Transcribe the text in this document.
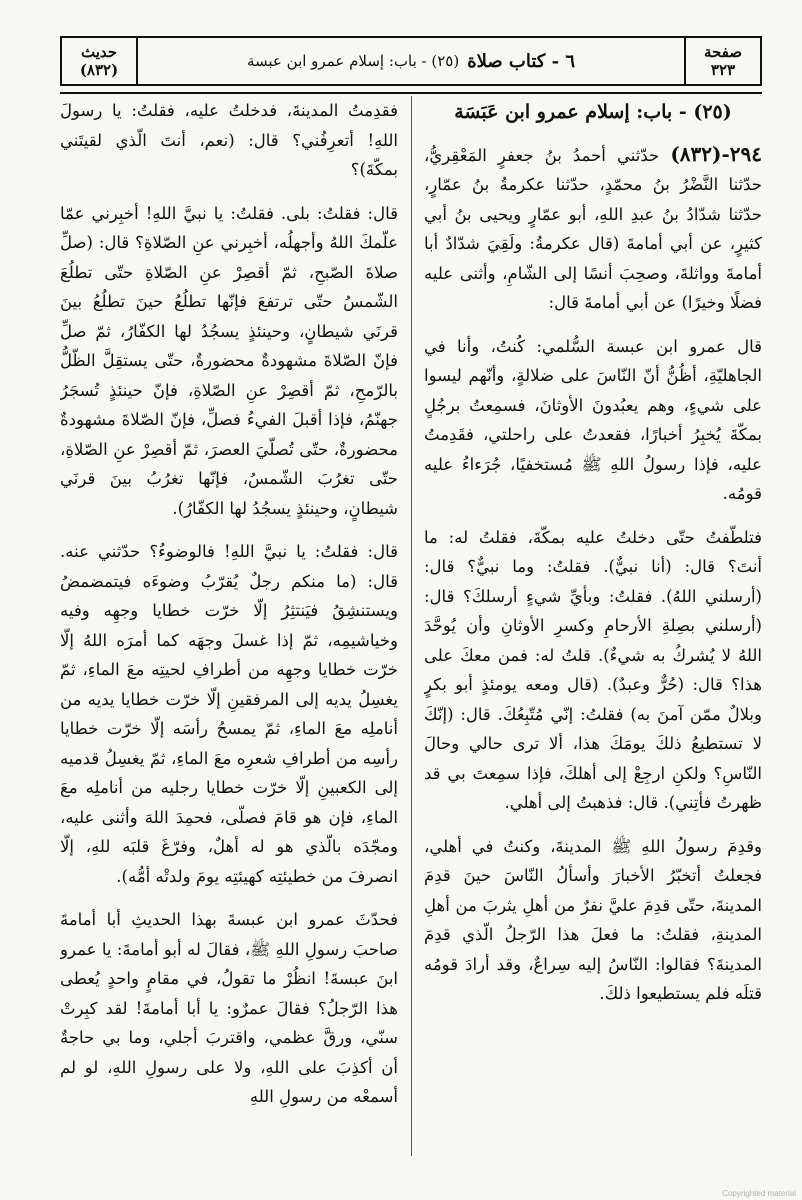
صفحة
٣٢٣
٦ - كتاب صلاة
(٢٥) - باب: إسلام عمرو ابن عبسة
حديث
(٨٣٢)
(٢٥) - باب: إسلام عمرو ابن عَبَسَة

٢٩٤-(٨٣٢) حدّثني أحمدُ بنُ جعفرٍ المَعْقِريُّ، حدّثنا النَّضْرُ بنُ محمّدٍ، حدّثنا عكرمةُ بنُ عمّارٍ، حدّثنا شدّادُ بنُ عبدِ اللهِ، أبو عمّارٍ ويحيى بنُ أبي كثيرٍ، عن أبي أمامةَ (قال عكرمةُ: ولَقِيَ شدّادٌ أبا أمامةَ وواثلةَ، وصحِبَ أنسًا إلى الشّامِ، وأثنى عليه فضلًا وخيرًا) عن أبي أمامةَ قال:

قال عمرو ابن عبسة السُّلمي: كُنتُ، وأنا في الجاهليّةِ، أظُنُّ أنّ النّاسَ على ضلالةٍ، وأنّهم ليسوا على شيءٍ، وهم يعبُدونَ الأوثانَ، فسمِعتُ برجُلٍ بمكّةَ يُخبِرُ أخبارًا، فقعدتُ على راحلتي، فقَدِمتُ عليه، فإذا رسولُ اللهِ ﷺ مُستخفيًا، جُرَءاءُ عليه قومُه.

فتلطّفتُ حتّى دخلتُ عليه بمكّةَ، فقلتُ له: ما أنتَ؟ قال: (أنا نبيٌّ). فقلتُ: وما نبيٌّ؟ قال: (أرسلني اللهُ). فقلتُ: وبأيِّ شيءٍ أرسلكَ؟ قال: (أرسلني بصِلةِ الأرحامِ وكسرِ الأوثانِ وأن يُوحَّدَ اللهُ لا يُشركُ به شيءٌ). قلتُ له: فمن معكَ على هذا؟ قال: (حُرٌّ وعبدٌ). (قال ومعه يومئذٍ أبو بكرٍ وبلالٌ ممّن آمنَ به) فقلتُ: إنّي مُتّبِعُكَ. قال: (إنّكَ لا تستطيعُ ذلكَ يومَكَ هذا، ألا ترى حالي وحالَ النّاسِ؟ ولكنِ ارجِعْ إلى أهلكَ، فإذا سمِعتَ بي قد ظهرتُ فأتِني). قال: فذهبتُ إلى أهلي.

وقدِمَ رسولُ اللهِ ﷺ المدينةَ، وكنتُ في أهلي، فجعلتُ أتخبّرُ الأخبارَ وأسألُ النّاسَ حينَ قدِمَ المدينةَ، حتّى قدِمَ عليَّ نفرٌ من أهلِ يثربَ من أهلِ المدينةِ، فقلتُ: ما فعلَ هذا الرّجلُ الّذي قدِمَ المدينةَ؟ فقالوا: النّاسُ إليه سِراعٌ، وقد أرادَ قومُه قتلَه فلم يستطيعوا ذلكَ.

فقدِمتُ المدينةَ، فدخلتُ عليه، فقلتُ: يا رسولَ اللهِ! أتعرِفُني؟ قال: (نعم، أنتَ الّذي لقيتَني بمكّةَ)؟

قال: فقلتُ: بلى. فقلتُ: يا نبيَّ اللهِ! أخبِرني عمّا علّمكَ اللهُ وأجهلُه، أخبِرني عنِ الصّلاةِ؟ قال: (صلِّ صلاةَ الصّبحِ، ثمّ أقصِرْ عنِ الصّلاةِ حتّى تطلُعَ الشّمسُ حتّى ترتفعَ فإنّها تطلُعُ حينَ تطلُعُ بينَ قرنَي شيطانٍ، وحينئذٍ يسجُدُ لها الكفّارُ، ثمّ صلِّ فإنّ الصّلاةَ مشهودةٌ محضورةٌ، حتّى يستقِلَّ الظّلُّ بالرّمحِ، ثمّ أقصِرْ عنِ الصّلاةِ، فإنّ حينئذٍ تُسجَرُ جهنّمُ، فإذا أقبلَ الفيءُ فصلِّ، فإنّ الصّلاةَ مشهودةٌ محضورةٌ، حتّى تُصلّيَ العصرَ، ثمّ أقصِرْ عنِ الصّلاةِ، حتّى تغرُبَ الشّمسُ، فإنّها تغرُبُ بينَ قرنَي شيطانٍ، وحينئذٍ يسجُدُ لها الكفّارُ).

قال: فقلتُ: يا نبيَّ اللهِ! فالوضوءُ؟ حدّثني عنه. قال: (ما منكم رجلٌ يُقرّبُ وضوءَه فيتمضمضُ ويستنشِقُ فيَنتثِرُ إلّا خرّت خطايا وجهِه وفيه وخياشيمِه، ثمّ إذا غسلَ وجهَه كما أمرَه اللهُ إلّا خرّت خطايا وجهِه من أطرافِ لحيتِه معَ الماءِ، ثمّ يغسِلُ يديه إلى المرفقينِ إلّا خرّت خطايا يديه من أناملِه معَ الماءِ، ثمّ يمسحُ رأسَه إلّا خرّت خطايا رأسِه من أطرافِ شعرِه معَ الماءِ، ثمّ يغسِلُ قدميه إلى الكعبينِ إلّا خرّت خطايا رجليه من أناملِه معَ الماءِ، فإن هو قامَ فصلّى، فحمِدَ اللهَ وأثنى عليه، ومجّدَه بالّذي هو له أهلٌ، وفرّغَ قلبَه للهِ، إلّا انصرفَ من خطيئتِه كهيئتِه يومَ ولدتْه أمُّه).

فحدّثَ عمرو ابن عبسةَ بهذا الحديثِ أبا أمامةَ صاحبَ رسولِ اللهِ ﷺ، فقالَ له أبو أمامةَ: يا عمرو ابنَ عبسةَ! انظُرْ ما تقولُ، في مقامٍ واحدٍ يُعطى هذا الرّجلُ؟ فقالَ عمرٌو: يا أبا أمامةَ! لقد كبِرتْ سنّي، ورقَّ عظمي، واقتربَ أجلي، وما بي حاجةٌ أن أكذِبَ على اللهِ، ولا على رسولِ اللهِ، لو لم أسمعْه من رسولِ اللهِ

Copyrighted material
